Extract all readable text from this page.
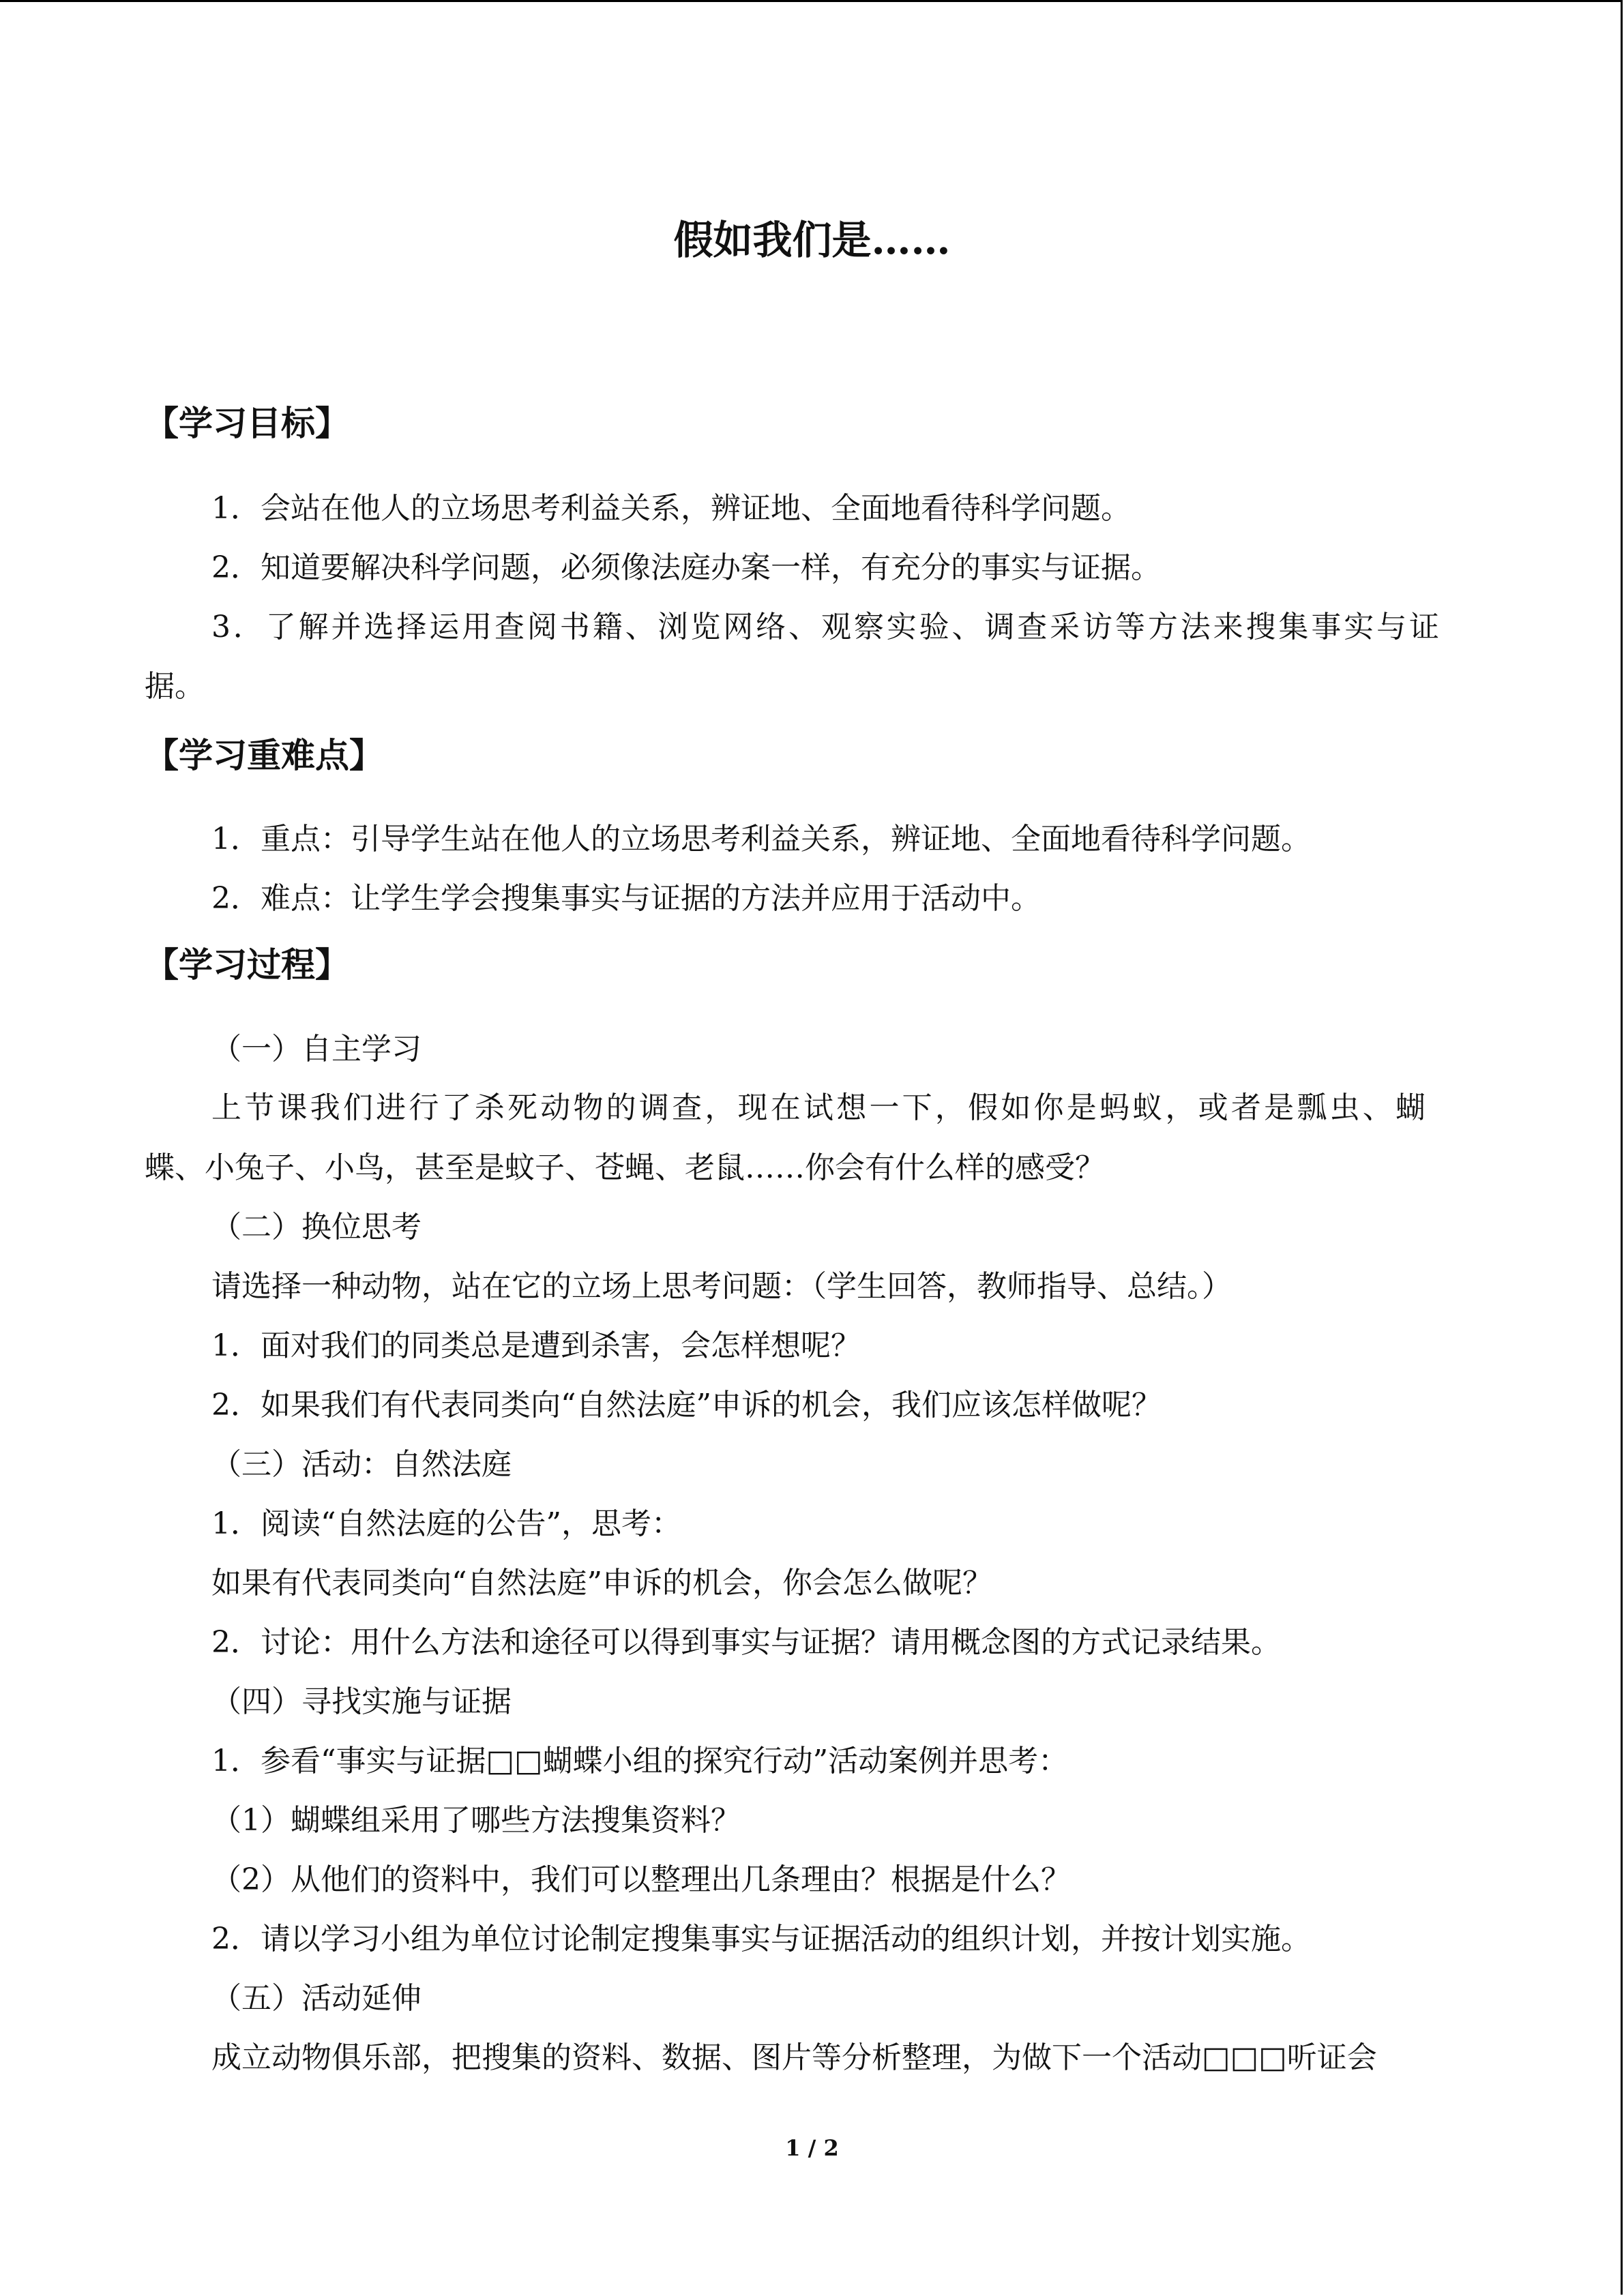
假如我们是……
【学习目标】
1．会站在他人的立场思考利益关系，辨证地、全面地看待科学问题。
2．知道要解决科学问题，必须像法庭办案一样，有充分的事实与证据。
3．了解并选择运用查阅书籍、浏览网络、观察实验、调查采访等方法来搜集事实与证
据。
【学习重难点】
1．重点：引导学生站在他人的立场思考利益关系，辨证地、全面地看待科学问题。
2．难点：让学生学会搜集事实与证据的方法并应用于活动中。
【学习过程】
（一）自主学习
上节课我们进行了杀死动物的调查，现在试想一下，假如你是蚂蚁，或者是瓢虫、蝴
蝶、小兔子、小鸟，甚至是蚊子、苍蝇、老鼠……你会有什么样的感受？
（二）换位思考
请选择一种动物，站在它的立场上思考问题：（学生回答，教师指导、总结。）
1．面对我们的同类总是遭到杀害，会怎样想呢？
2．如果我们有代表同类向“自然法庭”申诉的机会，我们应该怎样做呢？
（三）活动：自然法庭
1．阅读“自然法庭的公告”，思考：
如果有代表同类向“自然法庭”申诉的机会，你会怎么做呢？
2．讨论：用什么方法和途径可以得到事实与证据？请用概念图的方式记录结果。
（四）寻找实施与证据
1．参看“事实与证据□□蝴蝶小组的探究行动”活动案例并思考：
（1）蝴蝶组采用了哪些方法搜集资料？
（2）从他们的资料中，我们可以整理出几条理由？根据是什么？
2．请以学习小组为单位讨论制定搜集事实与证据活动的组织计划，并按计划实施。
（五）活动延伸
成立动物俱乐部，把搜集的资料、数据、图片等分析整理，为做下一个活动□□□听证会
1 / 2
